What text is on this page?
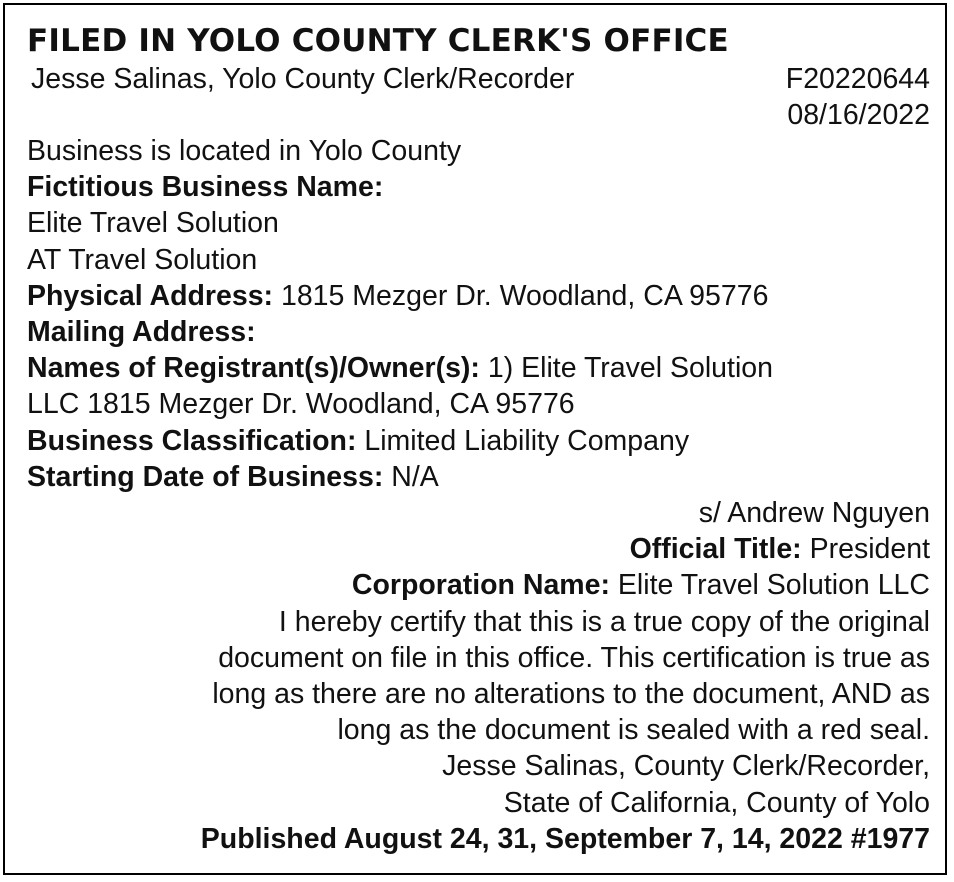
FILED IN YOLO COUNTY CLERK'S OFFICE
Jesse Salinas, Yolo County Clerk/Recorder	F20220644
08/16/2022
Business is located in Yolo County
Fictitious Business Name:
Elite Travel Solution
AT Travel Solution
Physical Address: 1815 Mezger Dr. Woodland, CA 95776
Mailing Address:
Names of Registrant(s)/Owner(s): 1) Elite Travel Solution
LLC 1815 Mezger Dr. Woodland, CA 95776
Business Classification: Limited Liability Company
Starting Date of Business: N/A
s/ Andrew Nguyen
Official Title: President
Corporation Name: Elite Travel Solution LLC
I hereby certify that this is a true copy of the original
document on file in this office. This certification is true as
long as there are no alterations to the document, AND as
long as the document is sealed with a red seal.
Jesse Salinas, County Clerk/Recorder,
State of California, County of Yolo
Published August 24, 31, September 7, 14, 2022 #1977
